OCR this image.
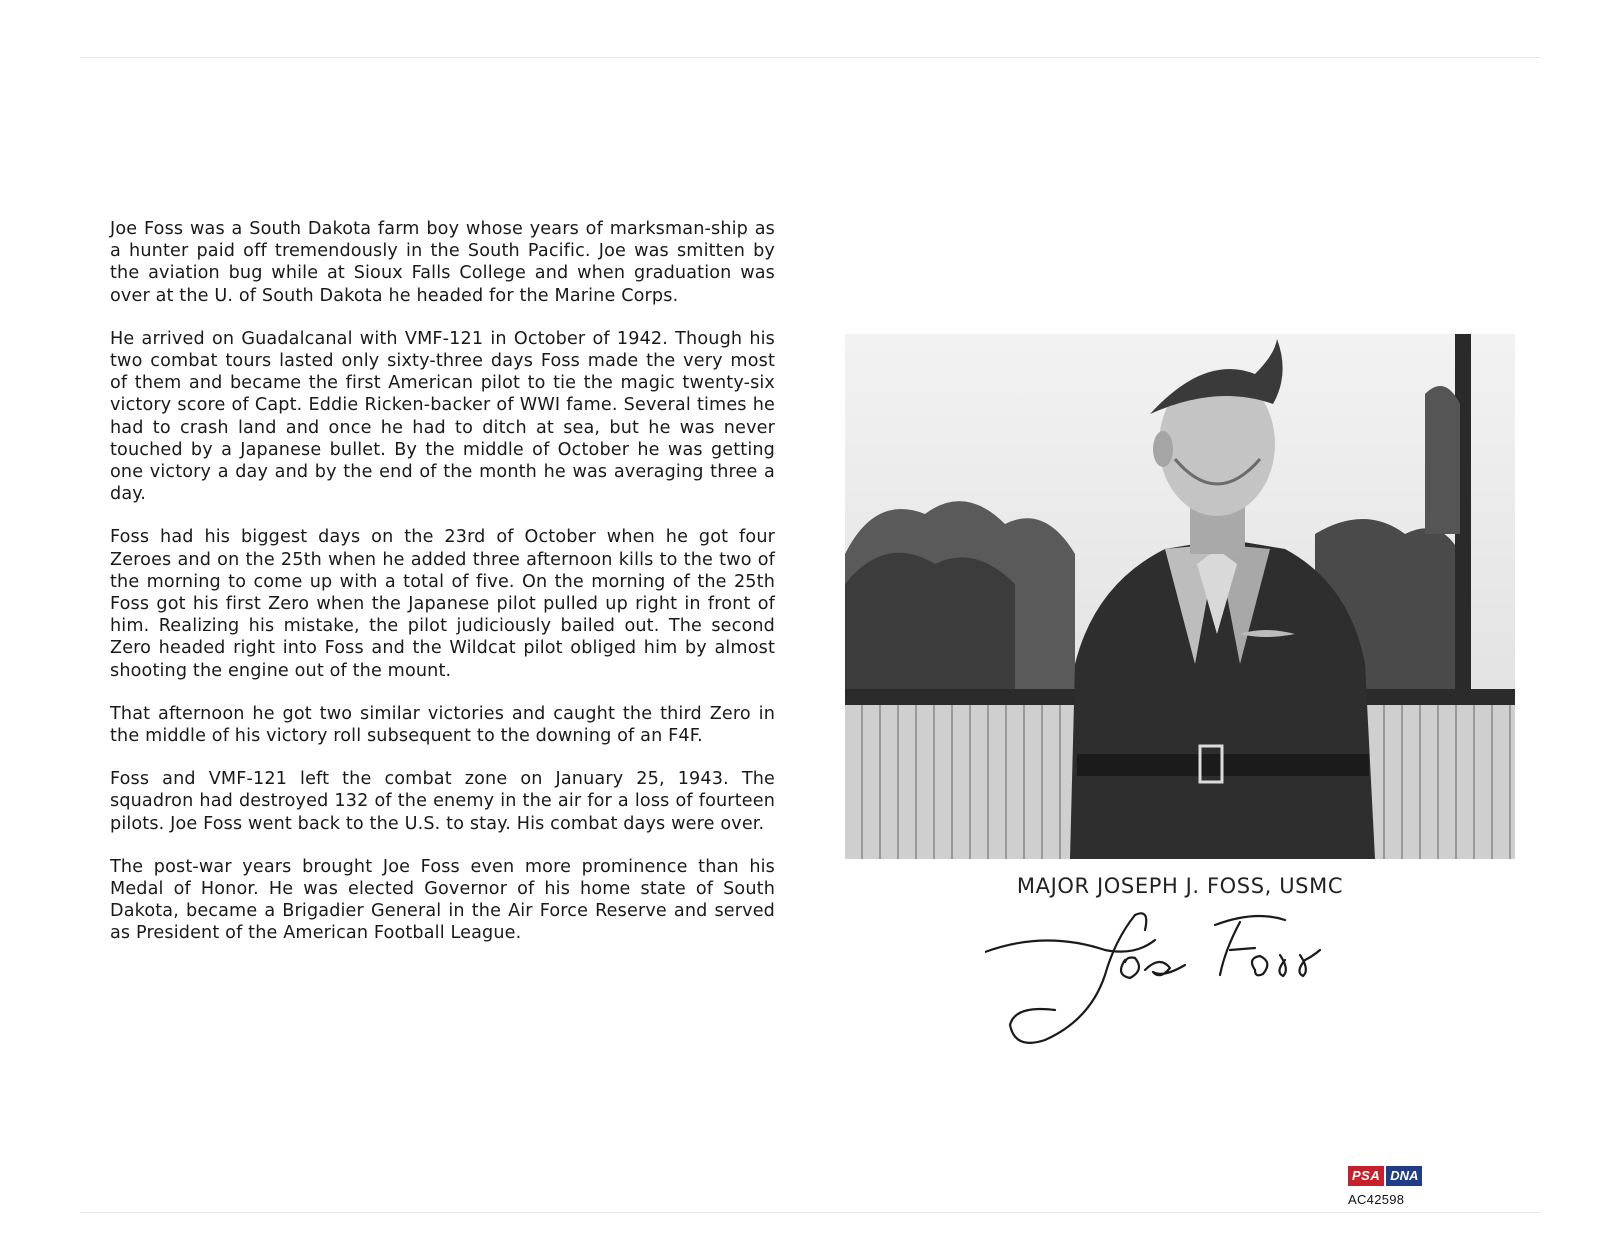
Joe Foss was a South Dakota farm boy whose years of marksman-ship as a hunter paid off tremendously in the South Pacific. Joe was smitten by the aviation bug while at Sioux Falls College and when graduation was over at the U. of South Dakota he headed for the Marine Corps.

He arrived on Guadalcanal with VMF-121 in October of 1942. Though his two combat tours lasted only sixty-three days Foss made the very most of them and became the first American pilot to tie the magic twenty-six victory score of Capt. Eddie Ricken-backer of WWI fame. Several times he had to crash land and once he had to ditch at sea, but he was never touched by a Japanese bullet. By the middle of October he was getting one victory a day and by the end of the month he was averaging three a day.

Foss had his biggest days on the 23rd of October when he got four Zeroes and on the 25th when he added three afternoon kills to the two of the morning to come up with a total of five. On the morning of the 25th Foss got his first Zero when the Japanese pilot pulled up right in front of him. Realizing his mistake, the pilot judiciously bailed out. The second Zero headed right into Foss and the Wildcat pilot obliged him by almost shooting the engine out of the mount.

That afternoon he got two similar victories and caught the third Zero in the middle of his victory roll subsequent to the downing of an F4F.

Foss and VMF-121 left the combat zone on January 25, 1943. The squadron had destroyed 132 of the enemy in the air for a loss of fourteen pilots. Joe Foss went back to the U.S. to stay. His combat days were over.

The post-war years brought Joe Foss even more prominence than his Medal of Honor. He was elected Governor of his home state of South Dakota, became a Brigadier General in the Air Force Reserve and served as President of the American Football League.

MAJOR JOSEPH J. FOSS, USMC
PSA DNA
AC42598
